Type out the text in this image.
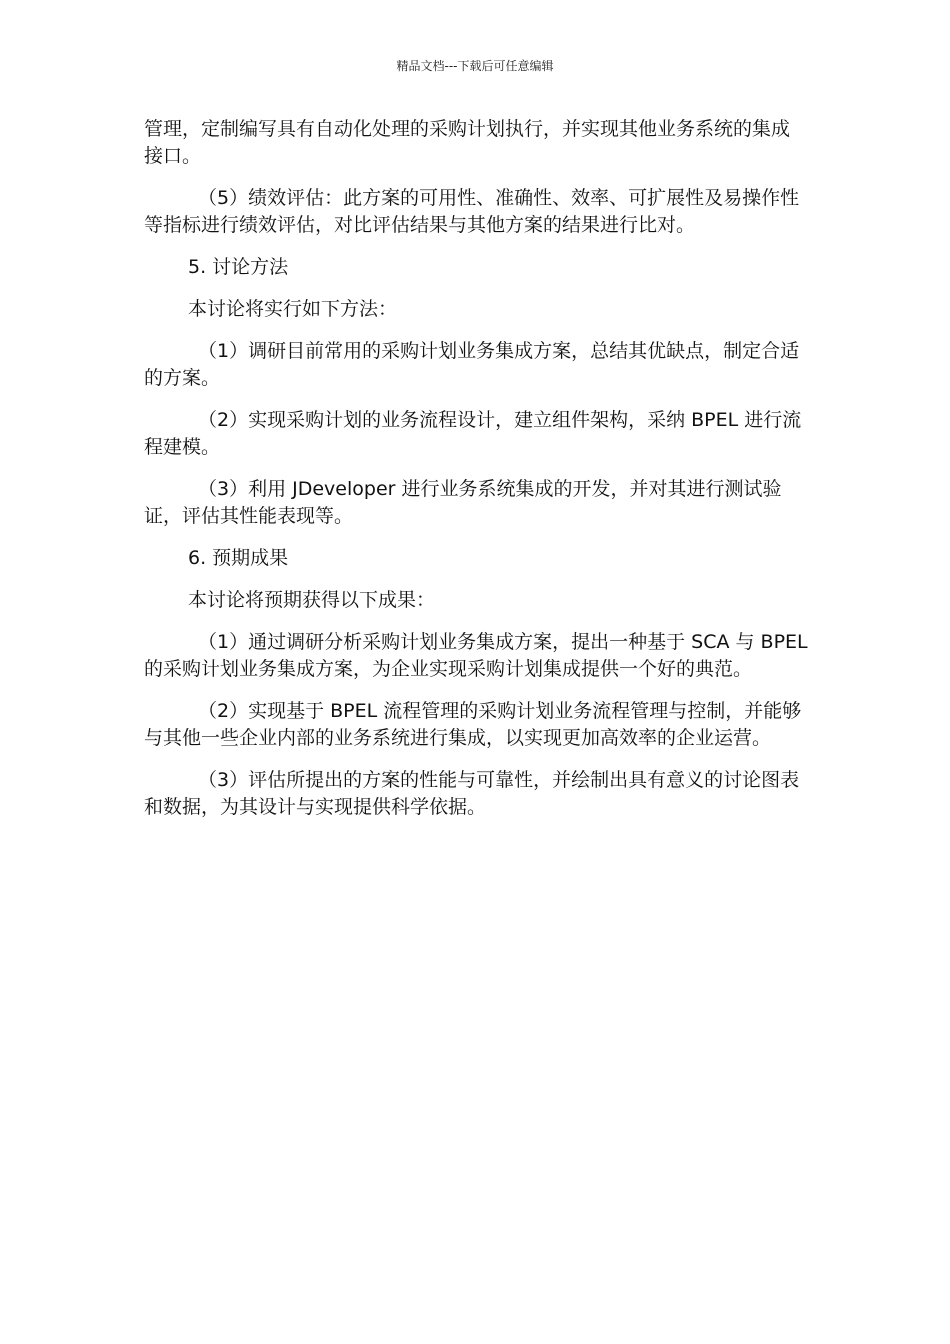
精品文档---下载后可任意编辑

管理，定制编写具有自动化处理的采购计划执行，并实现其他业务系统的集成接口。

（5）绩效评估：此方案的可用性、准确性、效率、可扩展性及易操作性等指标进行绩效评估，对比评估结果与其他方案的结果进行比对。

5. 讨论方法

本讨论将实行如下方法：

（1）调研目前常用的采购计划业务集成方案，总结其优缺点，制定合适的方案。

（2）实现采购计划的业务流程设计，建立组件架构，采纳 BPEL 进行流程建模。

（3）利用 JDeveloper 进行业务系统集成的开发，并对其进行测试验证，评估其性能表现等。

6. 预期成果

本讨论将预期获得以下成果：

（1）通过调研分析采购计划业务集成方案，提出一种基于 SCA 与 BPEL 的采购计划业务集成方案，为企业实现采购计划集成提供一个好的典范。

（2）实现基于 BPEL 流程管理的采购计划业务流程管理与控制，并能够与其他一些企业内部的业务系统进行集成，以实现更加高效率的企业运营。

（3）评估所提出的方案的性能与可靠性，并绘制出具有意义的讨论图表和数据，为其设计与实现提供科学依据。
